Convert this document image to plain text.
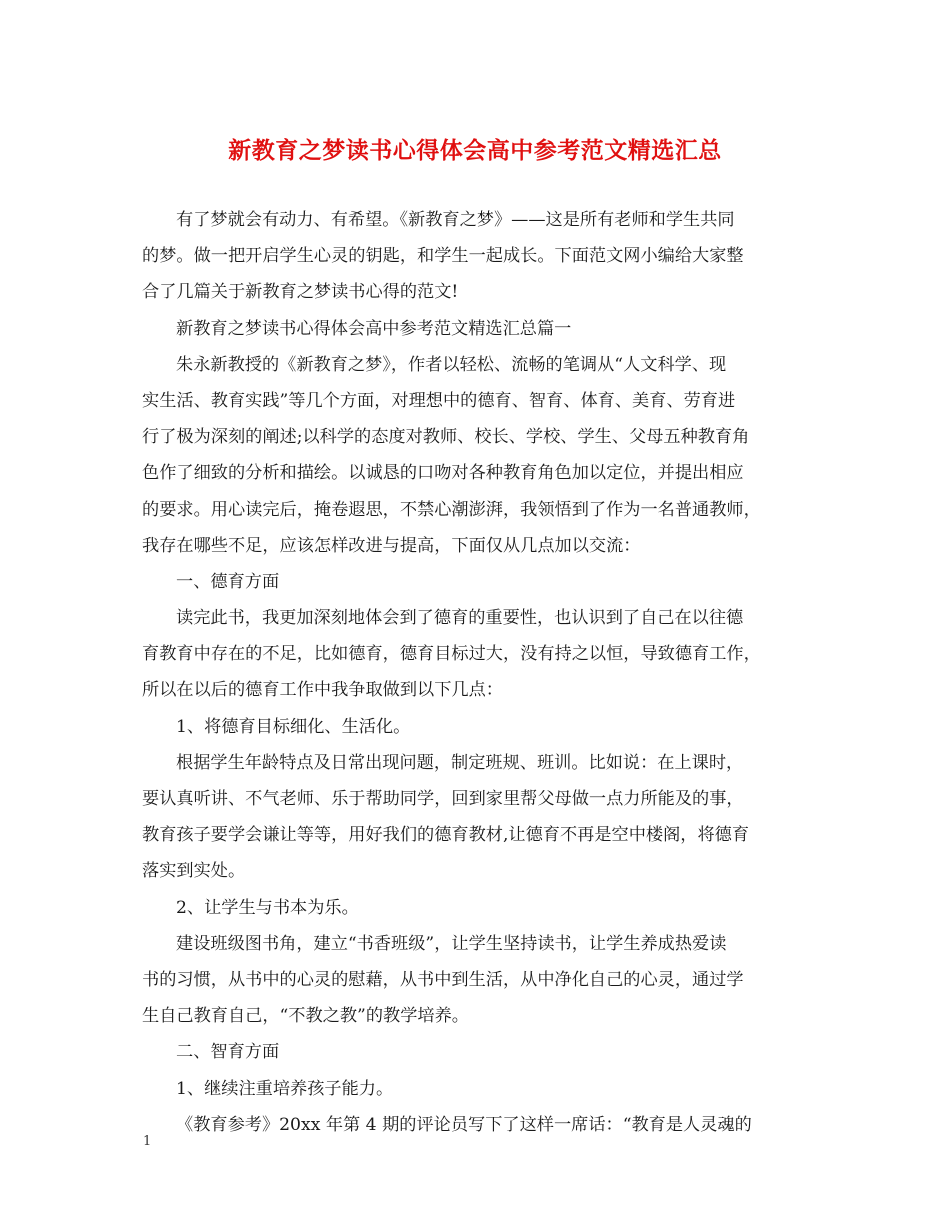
新教育之梦读书心得体会高中参考范文精选汇总
有了梦就会有动力、有希望。《新教育之梦》——这是所有老师和学生共同
的梦。做一把开启学生心灵的钥匙，和学生一起成长。下面范文网小编给大家整
合了几篇关于新教育之梦读书心得的范文!
新教育之梦读书心得体会高中参考范文精选汇总篇一
朱永新教授的《新教育之梦》，作者以轻松、流畅的笔调从“人文科学、现
实生活、教育实践”等几个方面，对理想中的德育、智育、体育、美育、劳育进
行了极为深刻的阐述;以科学的态度对教师、校长、学校、学生、父母五种教育角
色作了细致的分析和描绘。以诚恳的口吻对各种教育角色加以定位，并提出相应
的要求。用心读完后，掩卷遐思，不禁心潮澎湃，我领悟到了作为一名普通教师，
我存在哪些不足，应该怎样改进与提高，下面仅从几点加以交流：
一、德育方面
读完此书，我更加深刻地体会到了德育的重要性，也认识到了自己在以往德
育教育中存在的不足，比如德育，德育目标过大，没有持之以恒，导致德育工作，
所以在以后的德育工作中我争取做到以下几点：
1、将德育目标细化、生活化。
根据学生年龄特点及日常出现问题，制定班规、班训。比如说：在上课时，
要认真听讲、不气老师、乐于帮助同学，回到家里帮父母做一点力所能及的事，
教育孩子要学会谦让等等，用好我们的德育教材,让德育不再是空中楼阁，将德育
落实到实处。
2、让学生与书本为乐。
建设班级图书角，建立“书香班级”，让学生坚持读书，让学生养成热爱读
书的习惯，从书中的心灵的慰藉，从书中到生活，从中净化自己的心灵，通过学
生自己教育自己，“不教之教”的教学培养。
二、智育方面
1、继续注重培养孩子能力。
《教育参考》20xx 年第 4 期的评论员写下了这样一席话：“教育是人灵魂的
1
